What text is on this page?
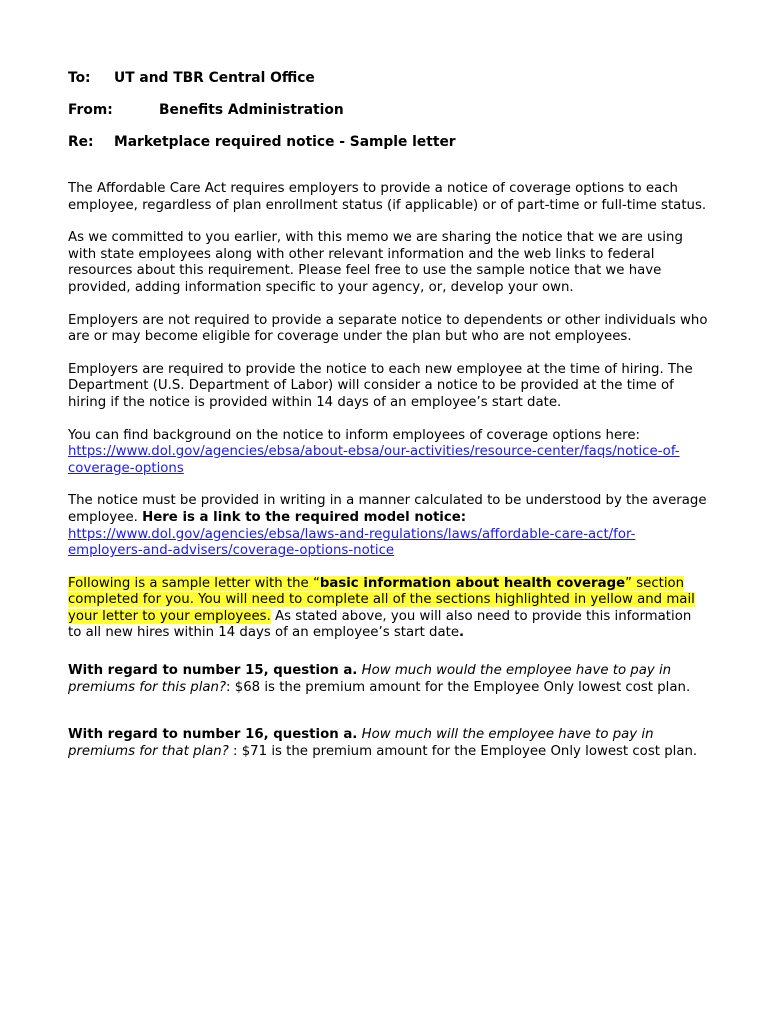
To: UT and TBR Central Office
From:	Benefits Administration
Re: Marketplace required notice - Sample letter

The Affordable Care Act requires employers to provide a notice of coverage options to each employee, regardless of plan enrollment status (if applicable) or of part-time or full-time status.

As we committed to you earlier, with this memo we are sharing the notice that we are using with state employees along with other relevant information and the web links to federal resources about this requirement. Please feel free to use the sample notice that we have provided, adding information specific to your agency, or, develop your own.

Employers are not required to provide a separate notice to dependents or other individuals who are or may become eligible for coverage under the plan but who are not employees.

Employers are required to provide the notice to each new employee at the time of hiring. The Department (U.S. Department of Labor) will consider a notice to be provided at the time of hiring if the notice is provided within 14 days of an employee’s start date.

You can find background on the notice to inform employees of coverage options here: https://www.dol.gov/agencies/ebsa/about-ebsa/our-activities/resource-center/faqs/notice-of-coverage-options

The notice must be provided in writing in a manner calculated to be understood by the average employee. Here is a link to the required model notice: https://www.dol.gov/agencies/ebsa/laws-and-regulations/laws/affordable-care-act/for-employers-and-advisers/coverage-options-notice

Following is a sample letter with the “basic information about health coverage” section completed for you. You will need to complete all of the sections highlighted in yellow and mail your letter to your employees. As stated above, you will also need to provide this information to all new hires within 14 days of an employee’s start date.

With regard to number 15, question a. How much would the employee have to pay in premiums for this plan?: $68 is the premium amount for the Employee Only lowest cost plan.

With regard to number 16, question a. How much will the employee have to pay in premiums for that plan? : $71 is the premium amount for the Employee Only lowest cost plan.
